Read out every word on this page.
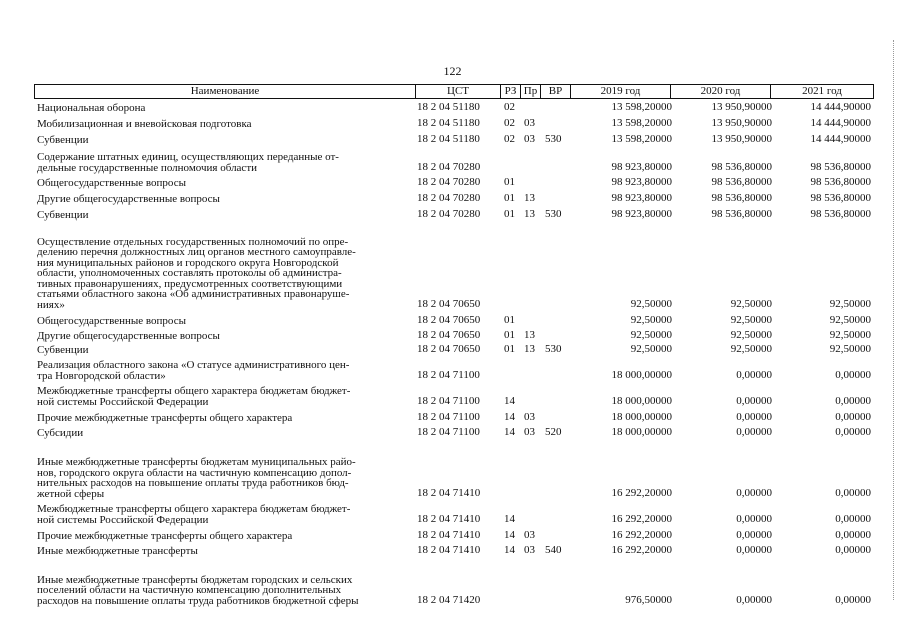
122
Наименование	ЦСТ	РЗ Пр	ВР	2019 год	2020 год	2021 год
Национальная оборона	18 2 04 51180 02	13 598,20000	13 950,90000	14 444,90000
Мобилизационная и вневойсковая подготовка	18 2 04 51180 02 03	13 598,20000	13 950,90000	14 444,90000
Субвенции	18 2 04 51180 02 03 530	13 598,20000	13 950,90000	14 444,90000
Содержание штатных единиц, осуществляющих переданные от-
дельные государственные полномочия области	18 2 04 70280	98 923,80000	98 536,80000	98 536,80000
Общегосударственные вопросы	18 2 04 70280 01	98 923,80000	98 536,80000	98 536,80000
Другие общегосударственные вопросы	18 2 04 70280 01 13	98 923,80000	98 536,80000	98 536,80000
Субвенции	18 2 04 70280 01 13 530	98 923,80000	98 536,80000	98 536,80000
Осуществление отдельных государственных полномочий по опре-
делению перечня должностных лиц органов местного самоуправле-
ния муниципальных районов и городского округа Новгородской
области, уполномоченных составлять протоколы об администра-
тивных правонарушениях, предусмотренных соответствующими
статьями областного закона «Об административных правонаруше-
ниях»	18 2 04 70650	92,50000	92,50000	92,50000
Общегосударственные вопросы	18 2 04 70650 01	92,50000	92,50000	92,50000
Другие общегосударственные вопросы	18 2 04 70650 01 13	92,50000	92,50000	92,50000
Субвенции	18 2 04 70650 01 13 530	92,50000	92,50000	92,50000
Реализация областного закона «О статусе административного цен-
тра Новгородской области»	18 2 04 71100	18 000,00000	0,00000	0,00000
Межбюджетные трансферты общего характера бюджетам бюджет-
ной системы Российской Федерации	18 2 04 71100 14	18 000,00000	0,00000	0,00000
Прочие межбюджетные трансферты общего характера	18 2 04 71100 14 03	18 000,00000	0,00000	0,00000
Субсидии	18 2 04 71100 14 03 520	18 000,00000	0,00000	0,00000
Иные межбюджетные трансферты бюджетам муниципальных райо-
нов, городского округа области на частичную компенсацию допол-
нительных расходов на повышение оплаты труда работников бюд-
жетной сферы	18 2 04 71410	16 292,20000	0,00000	0,00000
Межбюджетные трансферты общего характера бюджетам бюджет-
ной системы Российской Федерации	18 2 04 71410 14	16 292,20000	0,00000	0,00000
Прочие межбюджетные трансферты общего характера	18 2 04 71410 14 03	16 292,20000	0,00000	0,00000
Иные межбюджетные трансферты	18 2 04 71410 14 03 540	16 292,20000	0,00000	0,00000
Иные межбюджетные трансферты бюджетам городских и сельских
поселений области на частичную компенсацию дополнительных
расходов на повышение оплаты труда работников бюджетной сферы	18 2 04 71420	976,50000	0,00000	0,00000
